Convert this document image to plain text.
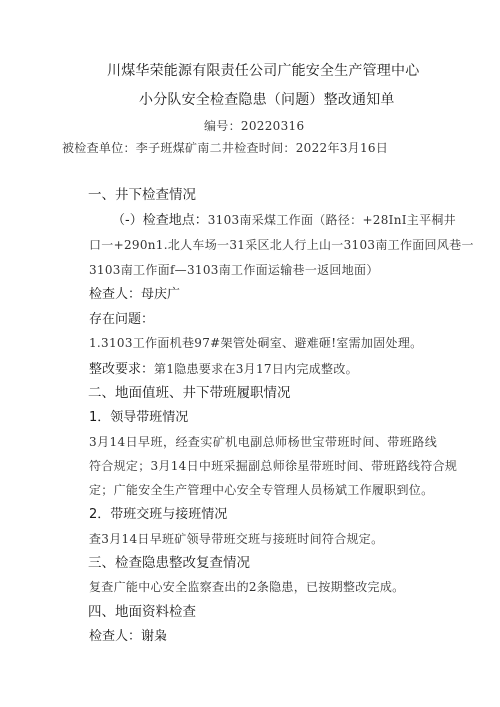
川煤华荣能源有限责任公司广能安全生产管理中心
小分队安全检查隐患（问题）整改通知单
编号：20220316
被检查单位：李子班煤矿南二井检查时间：2022年3月16日
一、井下检查情况
（-）检查地点：3103南采煤工作面（路径：+28InI主平桐井
口一+290n1.北人车场一31采区北人行上山一3103南工作面回风巷一
3103南工作面f—3103南工作面运输巷一返回地面）
检查人：母庆广
存在问题：
1.3103工作面机巷97#架管处硐室、避难砸!室需加固处理。
整改要求：第1隐患要求在3月17日内完成整改。
二、地面值班、井下带班履职情况
1．领导带班情况
3月14日早班，经查实矿机电副总师杨世宝带班时间、带班路线
符合规定；3月14日中班采掘副总师徐星带班时间、带班路线符合规
定；广能安全生产管理中心安全专管理人员杨斌工作履职到位。
2．带班交班与接班情况
查3月14日早班矿领导带班交班与接班时间符合规定。
三、检查隐患整改复查情况
复查广能中心安全监察查出的2条隐患，已按期整改完成。
四、地面资料检查
检查人：谢枭
